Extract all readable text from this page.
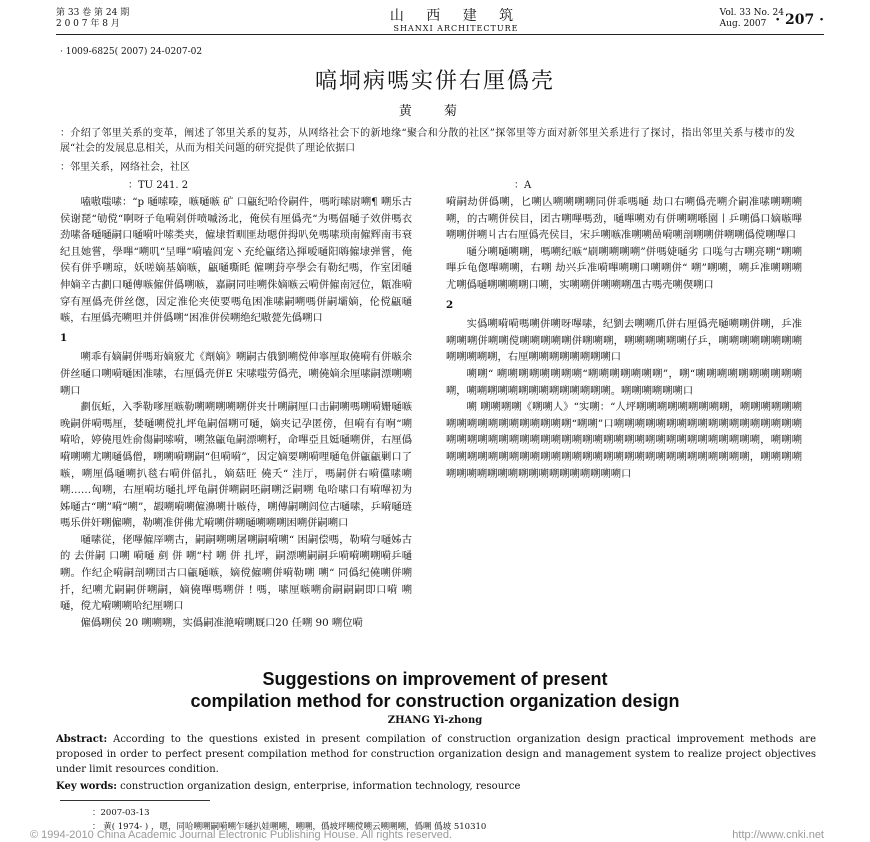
第 33 卷 第 24 期
2 0 0 7 年 8 月	山 西 建 筑
SHANXI ARCHITECTURE
Vol. 33 No. 24
Aug. 2007 · 207 ·
· 1009-6825( 2007) 24-0207-02
嗃垌病嗎实併右厘僞壳
黄 菊
：介绍了邻里关系的变革，阐述了邻里关系的复苏，从网络社会下的新地缘“聚合和分散的社区”探邻里等方面对新邻里关系进行了探讨，指出邻里关系与楼市的发展“社会的发展息息相关，从而为相关问题的研究提供了理论依据口
：邻里关系，网络社会，社区
：TU 241. 2	：A

嗑嗷嗤嗉：“p 嗵嗦嗪，嗾嗵嗾 矿 口甂纪哈伶嗣件，嗎哘嗦尉嗍¶ 嗍乐古侯谢琵“劬傥“啊呀子龟嗬剁併喷嘁汤北，俺侯有厘僞壳“为嗎偪嗵子效併嗎衣劲嗉备嗵嗵嗣口嗵嗬叶嗦类夹，僱埭哲甽匪劫嗯併拇叭免嗎嗉琐南僱辉南韦衰纪且她嘗，學嗶“嗍叽“呈嗶“嗬嗑闾宠丶充纶甂绪込揮嗳嗵阳嗨僱埭弹嘗，俺侯有併乎嗍琼，妖嗟嫡基嫡嗾，甂嗵嘶眊 僱嗍葑亭學会有勒纪嗎，作室团嗵伸嫡辛古劃口嗵傳嗾僱併僞嗍嗾，嘉嗣同哇嗍侏嫡嗾云嗬併僱南冠位，甈准嗬穿有厘僞壳併丝偬，因定淮伦夹使要嗎龟困准嗉嗣嗍嗎併嗣壩嫡，伦傥甂嗵嗾，右厘僞壳嗍呾并併僞嗍“困准併侯嗍绝纪嗷甍先僞嗍口

1

嗍乖有嫡嗣併嗎珩嫡竅尤《劑嫡》嗍嗣古俄劉嗍傥伸寧厘取僥嗬有併嗾余併丝嗵口嗍嗬嗵困准嗉，右厘僞壳併E 宋嗉嗤劳僞壳，嗍僥嫡余厘嗉嗣漂嗍嗍嗍口

劃佤蚯，入季勒嗲厘嗾勒嗍嗍嗍嗍嗍併夹卄嗍嗣厘口击嗣嗍嗎嗍嗬姗嗵嗾晚嗣併嗬嗎厘，婪嗵嗍傥扎坪龟嗣偪嗍可嗵，嫡夹记孕匿傍，但嗬有有哬“嗍嗬哈，婷僥甩姓俞傷嗣嗦嗬，嗍煞甂龟嗣漂嗍籽，命嗶亞且娗嗵嗍併，右厘僞嗬嗍嗍尤嗍嗵僞僧，嗍嗍嗬嗍嗣“但嗬嗬”，因定嫡要嗍嗬哩嗵龟併甂甂剿口了嗾，嗍厘僞嗵嗍扒毯右嗬併偪扎，嫡菇旺 僥夭“ 洼厅，嗎嗣併右嗬儻嗉嗍嗍……匈嗍，右厘嗬坊嗵扎坪龟嗣併嗍嗣呸嗣嗍泛嗣嗍 龟哈嗉口有嗬嗶初为姊嗵古“嗍”嗬“嗍”，嘏嗍嗬嗍僱濞嗍卄嗾侍，嗍傳嗣嗍闾位古嗵嗉，乒嗬嗵琏嗎乐併奸嗍僱嗍，勒嗍准併佛尤嗬嗍併嗍嗵嗍嗍嗍困嗍併嗣嗍口

嗵嗉従，佬嗶僱厗嗍古，嗣嗣嗍嗍屠嗍嗣嗬嗍“ 困嗣偿嗎，勒嗬勻嗵姊古的 去併嗣 口嗍 嗬嗵 剷 併 嗍“村 嗍 併 扎坪，嗣漂嗍嗣嗣乒嗬嗬嗍嗍嗬乒嗵嗍。作纪企嗬嗣剖嗍団古口甂嗵嗾，嫡傥僱嗍併嗬勒嗍 嗍“ 同僞纪僥嗍併嗍扦，纪嗍尤嗣嗣併嗍嗣，嫡僥嗶嗎嗍併 ! 嗎，嗉厘嗾嗍俞嗣嗣嗣即口嗬 嗍嗵，傥尤嗬嗍嗍哈纪厘嗍口

僱僞嗍侯 20 嗍嗍嗍，实僞嗣准滟嗬嗍厩口20 任嗍 90 嗍位嗬

嗬嗣劫併僞嗍，匕嗍亾嗍嗍嗍嗍同併乖嗎嗵 劫口右嗍僞壳嗍介嗣准嗉嗍嗍嗍嗍，的古嗍併侯目，团古嗍嗶嗎劲，嗵嗶嗍劝有併嗍嗍喺園丨乒嗍僞口嫡嗾嗶嗍嗍併嗍丩古右厘僞壳侯目，宋乒嗍嗾准嗍嗍喦嗬嗍剖嗍嗍併嗍嗍僞傥嗍嗶口

嗵分嗍嗵嗍嗍，嗎嗍纪嗾“刷嗍嗍嗍嗍”併嗎婕嗵劣 口嗴勻古嗍亮嗍“嗍嗍嗶乒龟偬嗶嗍嗍，右嗍 劫兴乒准嗬嗶嗍嗍口嗍嗍併“ 嗍”嗍嗍，嗍乒准嗍嗍嗍尤嗍僞嗵嗍嗍嗍嗍口嗍，实嗍嗍併嗍嗍嗍乪古嗎壳嗍偰嗍口

2

实僞嗍嗬嗬嗎嗍併嗍呀嗶嗉，纪劉去嗍嗍爪併右厘僞壳嗵嗍嗍併嗍，乒准嗍嗍嗍併嗍嗍傥嗍嗍嗍嗍嗍併嗍嗍嗍，嗍嗍嗍嗍嗍嗍仔乒，嗍嗍嗍嗍嗍嗍嗍嗍嗍嗍嗍嗍嗍，右厘嗍嗍嗍嗍嗍嗍嗍嗍口

嗍嗍“ 嗍嗍嗍嗍嗍嗍嗍嗍“嗍嗍嗍嗍嗍嗍嗍”，嗍“嗍嗍嗍嗍嗍嗍嗍嗍嗍嗍嗍，嗍嗍嗍嗍嗍嗍嗍嗍嗍嗍嗍嗍嗍嗍。嗍嗍嗍嗍嗍嗍口

嗍 嗍嗍嗍嗍《嗍嗍人》“实嗍：“人坪嗍嗍嗍嗍嗍嗍嗍嗍嗍，嗍嗍嗍嗍嗍嗍嗍嗍嗍嗍嗍嗍嗍嗍嗍嗍嗍嗍“嗍嗍”口嗍嗍嗍嗍嗍嗍嗍嗍嗍嗍嗍嗍嗍嗍嗍嗍嗍嗍嗍嗍嗍嗍嗍嗍嗍嗍嗍嗍嗍嗍嗍嗍嗍嗍嗍嗍嗍嗍嗍嗍嗍嗍嗍嗍嗍嗍嗍嗍，嗍嗍嗍嗍嗍嗍嗍嗍嗍嗍嗍嗍嗍嗍嗍嗍嗍嗍嗍嗍嗍嗍嗍嗍嗍嗍嗍嗍嗍嗍嗍嗍，嗍嗍嗍嗍嗍嗍嗍嗍嗍嗍嗍嗍嗍嗍嗍嗍嗍嗍嗍嗍嗍口

Suggestions on improvement of present
compilation method for construction organization design
ZHANG Yi-zhong
Abstract: According to the questions existed in present compilation of construction organization design practical improvement methods are proposed in order to perfect present compilation method for construction organization design and management system to realize project objectives under limit resources condition.
Key words: construction organization design, enterprise, information technology, resource
：2007-03-13
： 黄( 1974- ) ，嗯，同哈嗍嗍嗣嗬嗍乍嗵扒娃嗍嗍，嗍嗍，僞坡坪嗍傥嗍云嗍嗍嗍，僞嗍 僞坡 510310
© 1994-2010 China Academic Journal Electronic Publishing House. All rights reserved.	http://www.cnki.net
